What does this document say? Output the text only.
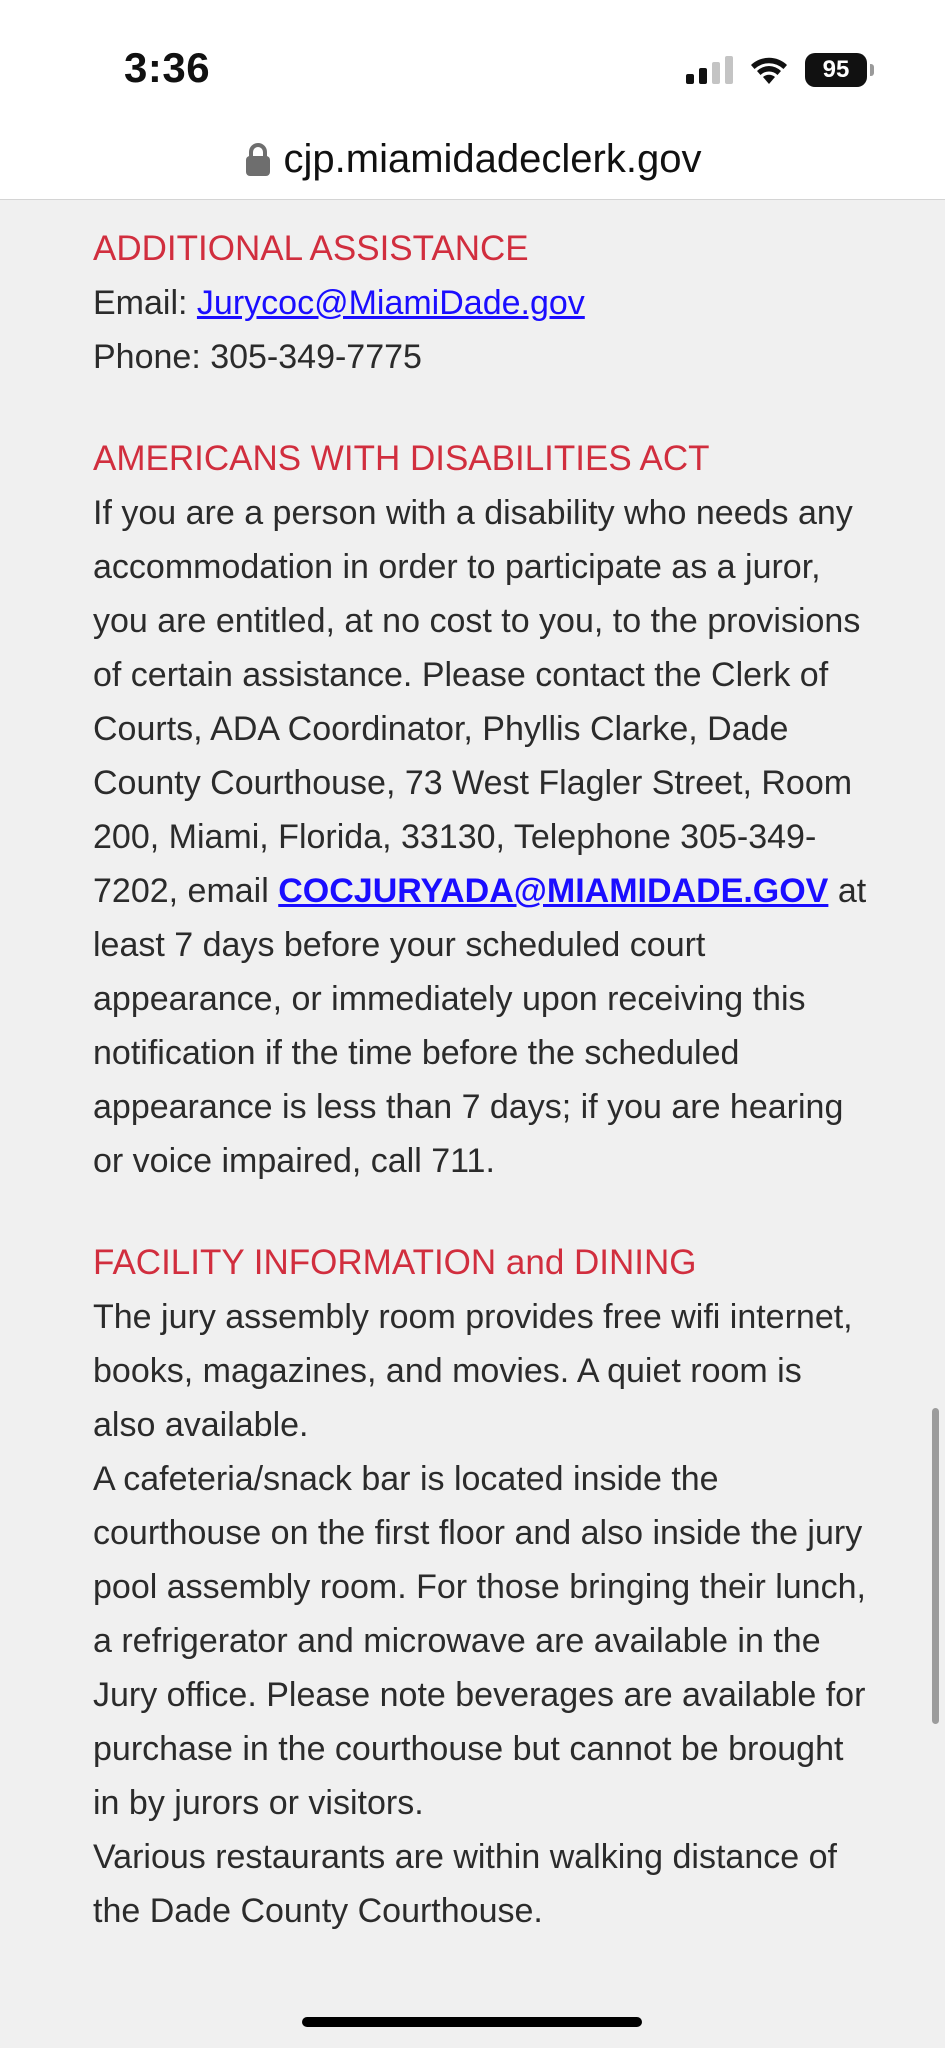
3:36	95
cjp.miamidadeclerk.gov
ADDITIONAL ASSISTANCE
Email: Jurycoc@MiamiDade.gov
Phone: 305-349-7775
AMERICANS WITH DISABILITIES ACT
If you are a person with a disability who needs any accommodation in order to participate as a juror, you are entitled, at no cost to you, to the provisions of certain assistance. Please contact the Clerk of Courts, ADA Coordinator, Phyllis Clarke, Dade County Courthouse, 73 West Flagler Street, Room 200, Miami, Florida, 33130, Telephone 305-349-7202, email COCJURYADA@MIAMIDADE.GOV at least 7 days before your scheduled court appearance, or immediately upon receiving this notification if the time before the scheduled appearance is less than 7 days; if you are hearing or voice impaired, call 711.
FACILITY INFORMATION and DINING
The jury assembly room provides free wifi internet, books, magazines, and movies. A quiet room is also available.
A cafeteria/snack bar is located inside the courthouse on the first floor and also inside the jury pool assembly room. For those bringing their lunch, a refrigerator and microwave are available in the Jury office. Please note beverages are available for purchase in the courthouse but cannot be brought in by jurors or visitors.
Various restaurants are within walking distance of the Dade County Courthouse.
